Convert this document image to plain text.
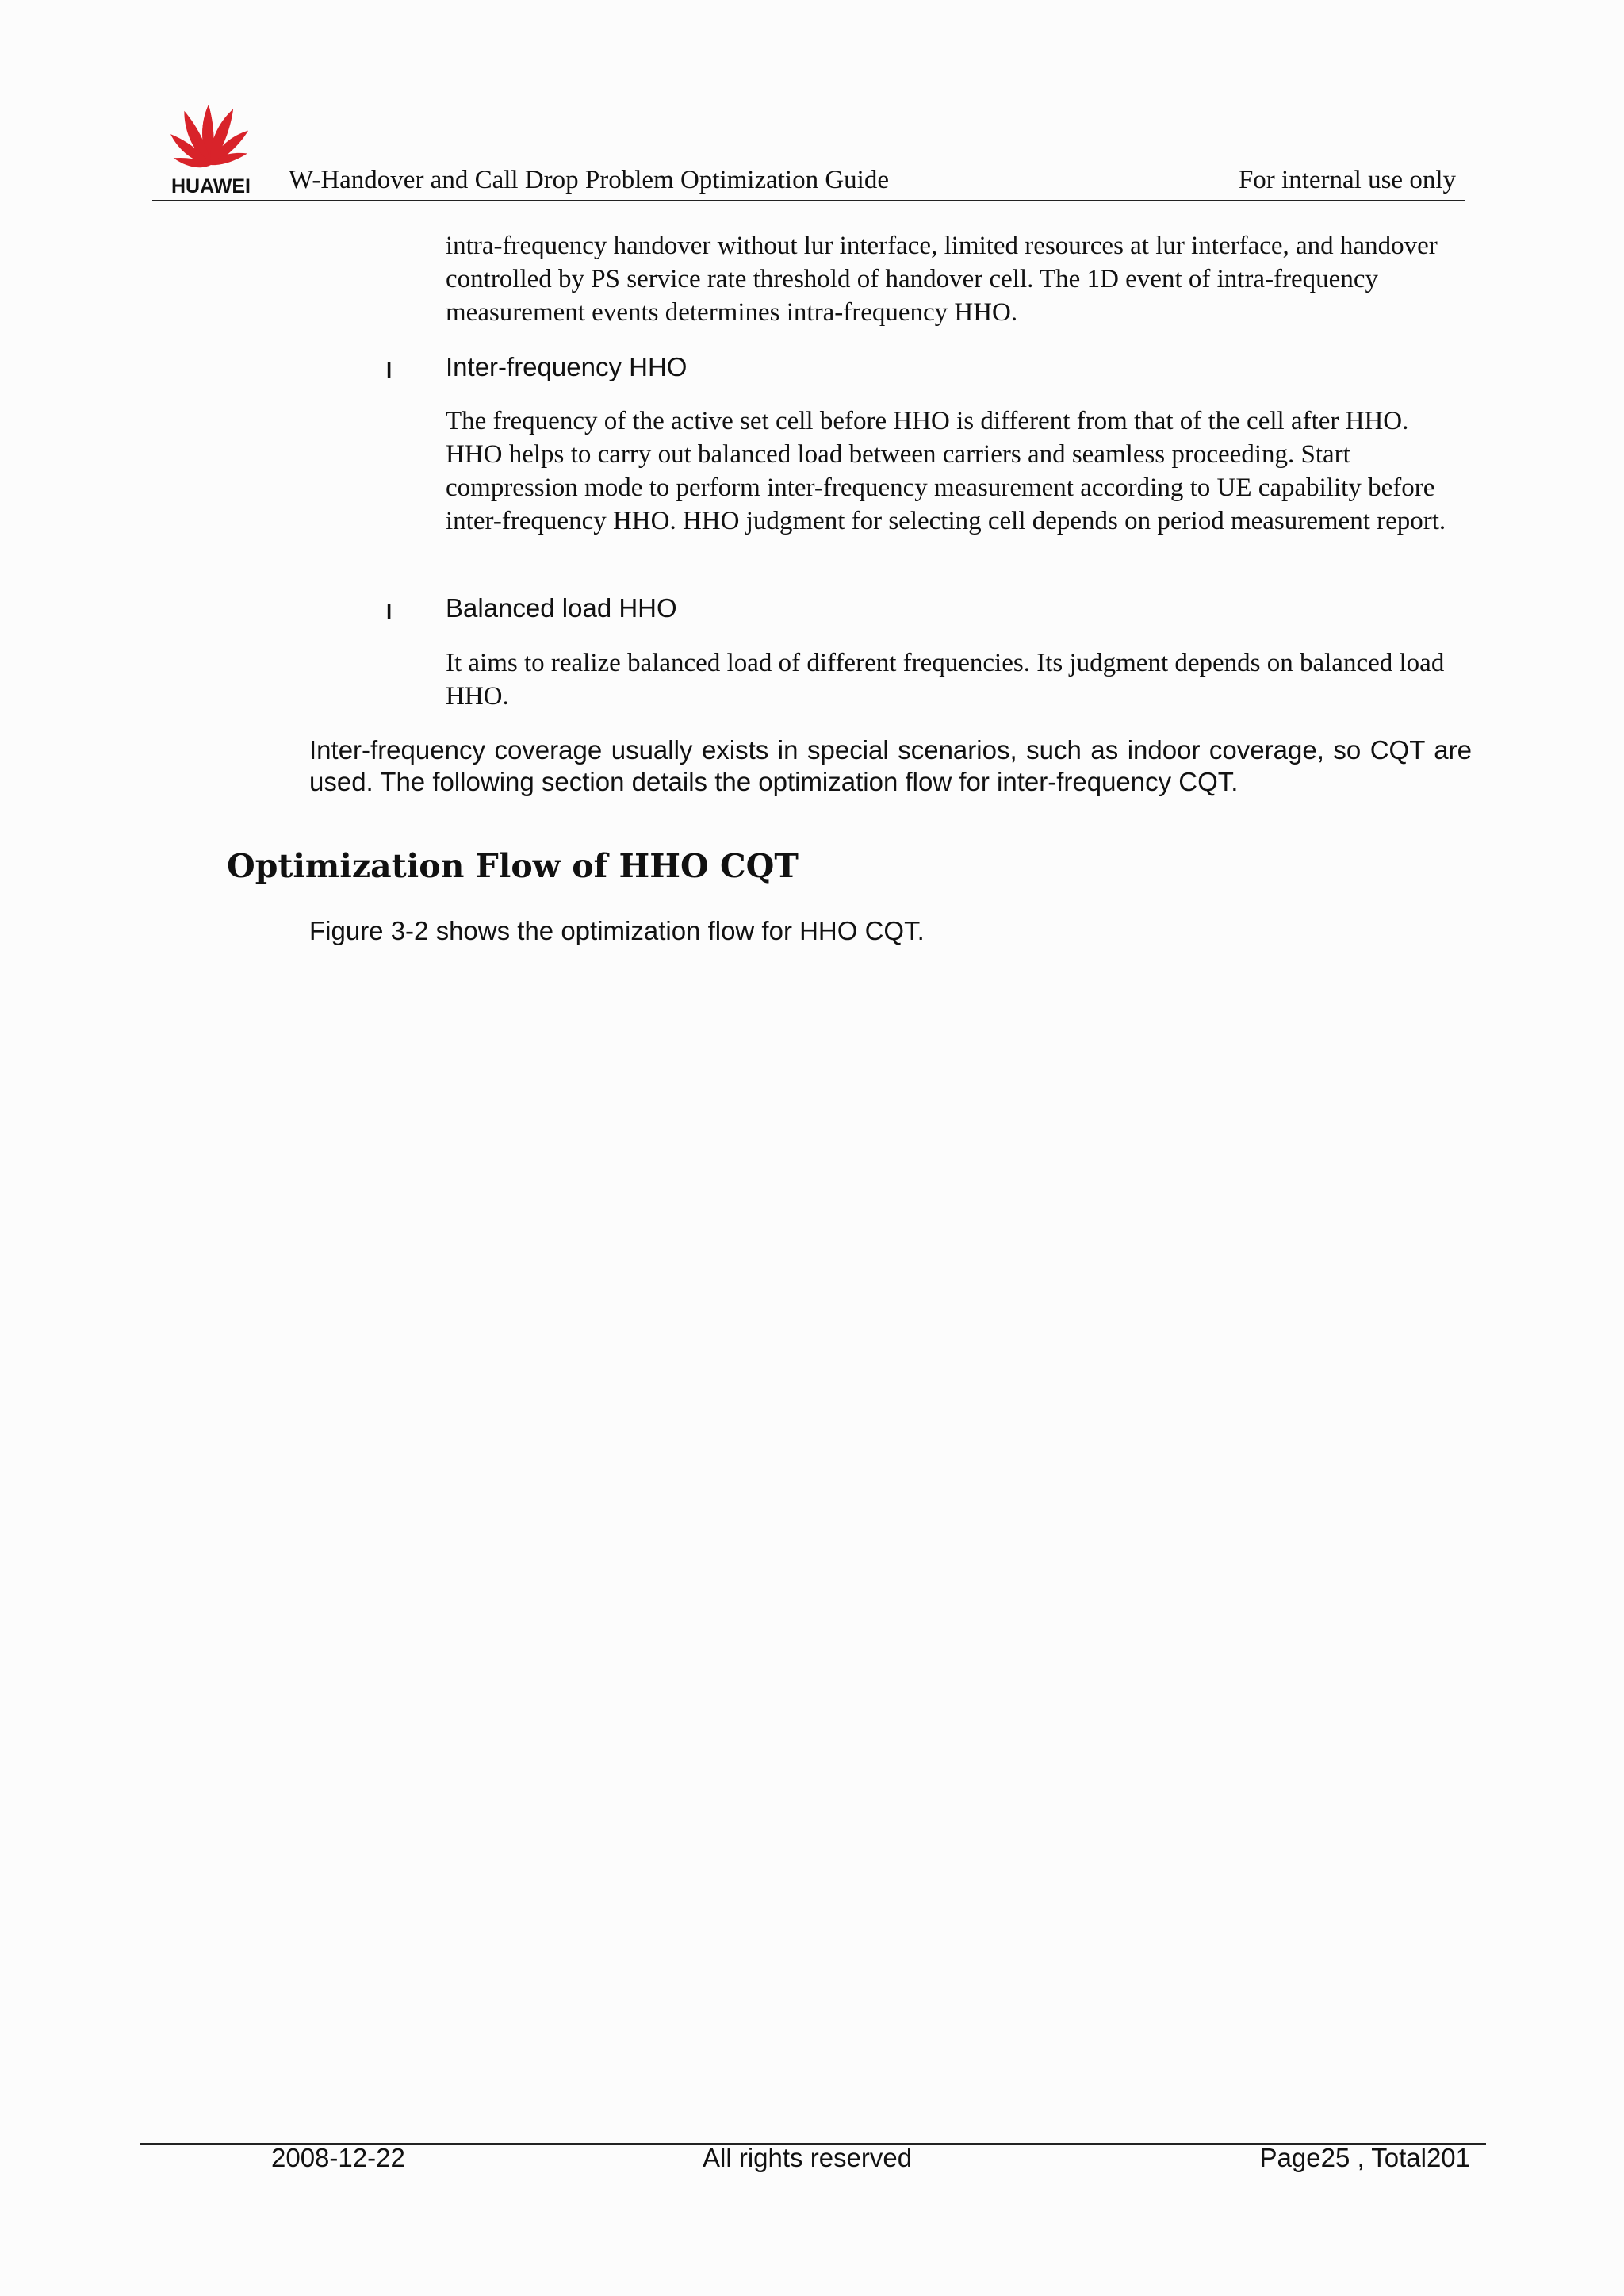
HUAWEI W-Handover and Call Drop Problem Optimization Guide	For internal use only
intra-frequency handover without lur interface, limited resources at lur interface, and handover controlled by PS service rate threshold of handover cell. The 1D event of intra-frequency measurement events determines intra-frequency HHO.
l Inter-frequency HHO
The frequency of the active set cell before HHO is different from that of the cell after HHO. HHO helps to carry out balanced load between carriers and seamless proceeding. Start compression mode to perform inter-frequency measurement according to UE capability before inter-frequency HHO. HHO judgment for selecting cell depends on period measurement report.
l Balanced load HHO
It aims to realize balanced load of different frequencies. Its judgment depends on balanced load HHO.
Inter-frequency coverage usually exists in special scenarios, such as indoor coverage, so CQT are used. The following section details the optimization flow for inter-frequency CQT.
Optimization Flow of HHO CQT
Figure 3-2 shows the optimization flow for HHO CQT.
2008-12-22	All rights reserved	Page25 , Total201
